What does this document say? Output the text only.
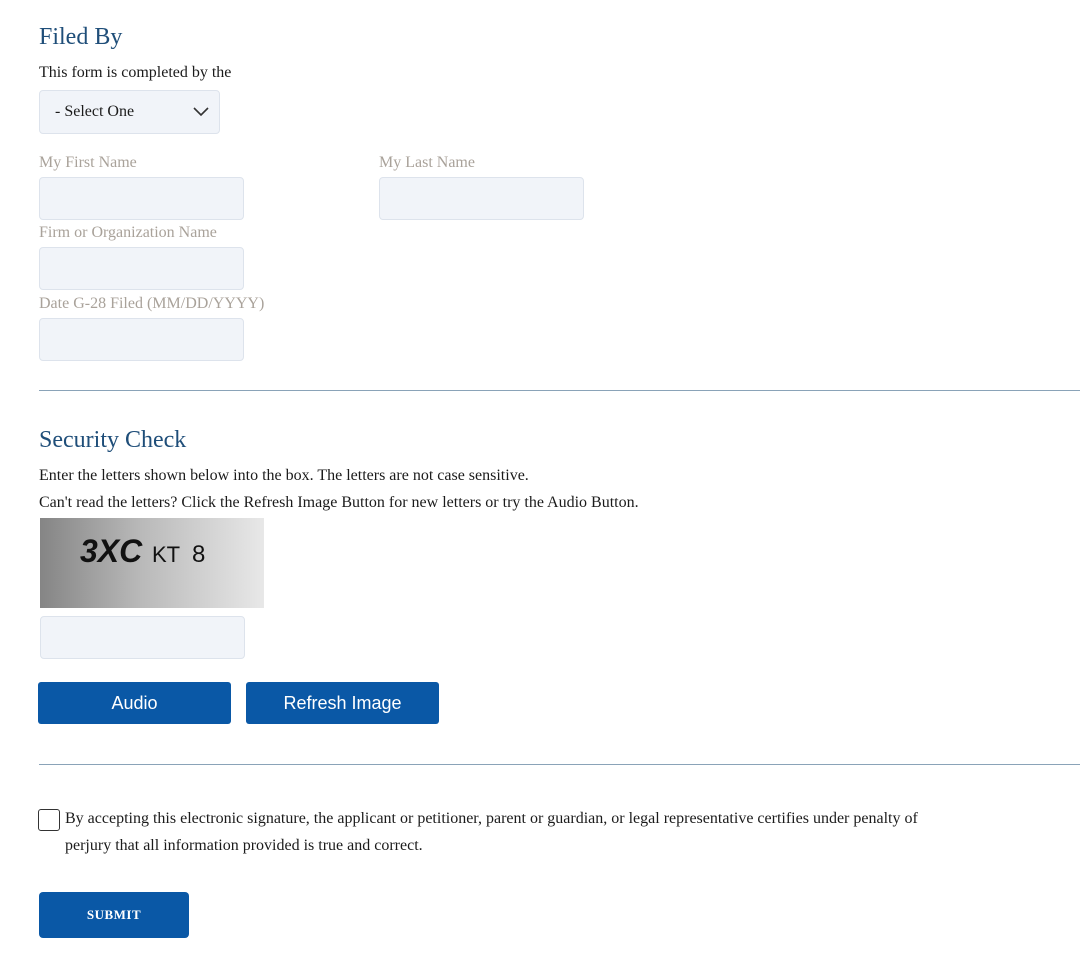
Filed By
This form is completed by the
- Select One
My First Name	My Last Name
Firm or Organization Name
Date G-28 Filed (MM/DD/YYYY)
Security Check
Enter the letters shown below into the box. The letters are not case sensitive.
Can't read the letters? Click the Refresh Image Button for new letters or try the Audio Button.
3XC KT 8
Audio	Refresh Image
By accepting this electronic signature, the applicant or petitioner, parent or guardian, or legal representative certifies under penalty of
perjury that all information provided is true and correct.
SUBMIT
